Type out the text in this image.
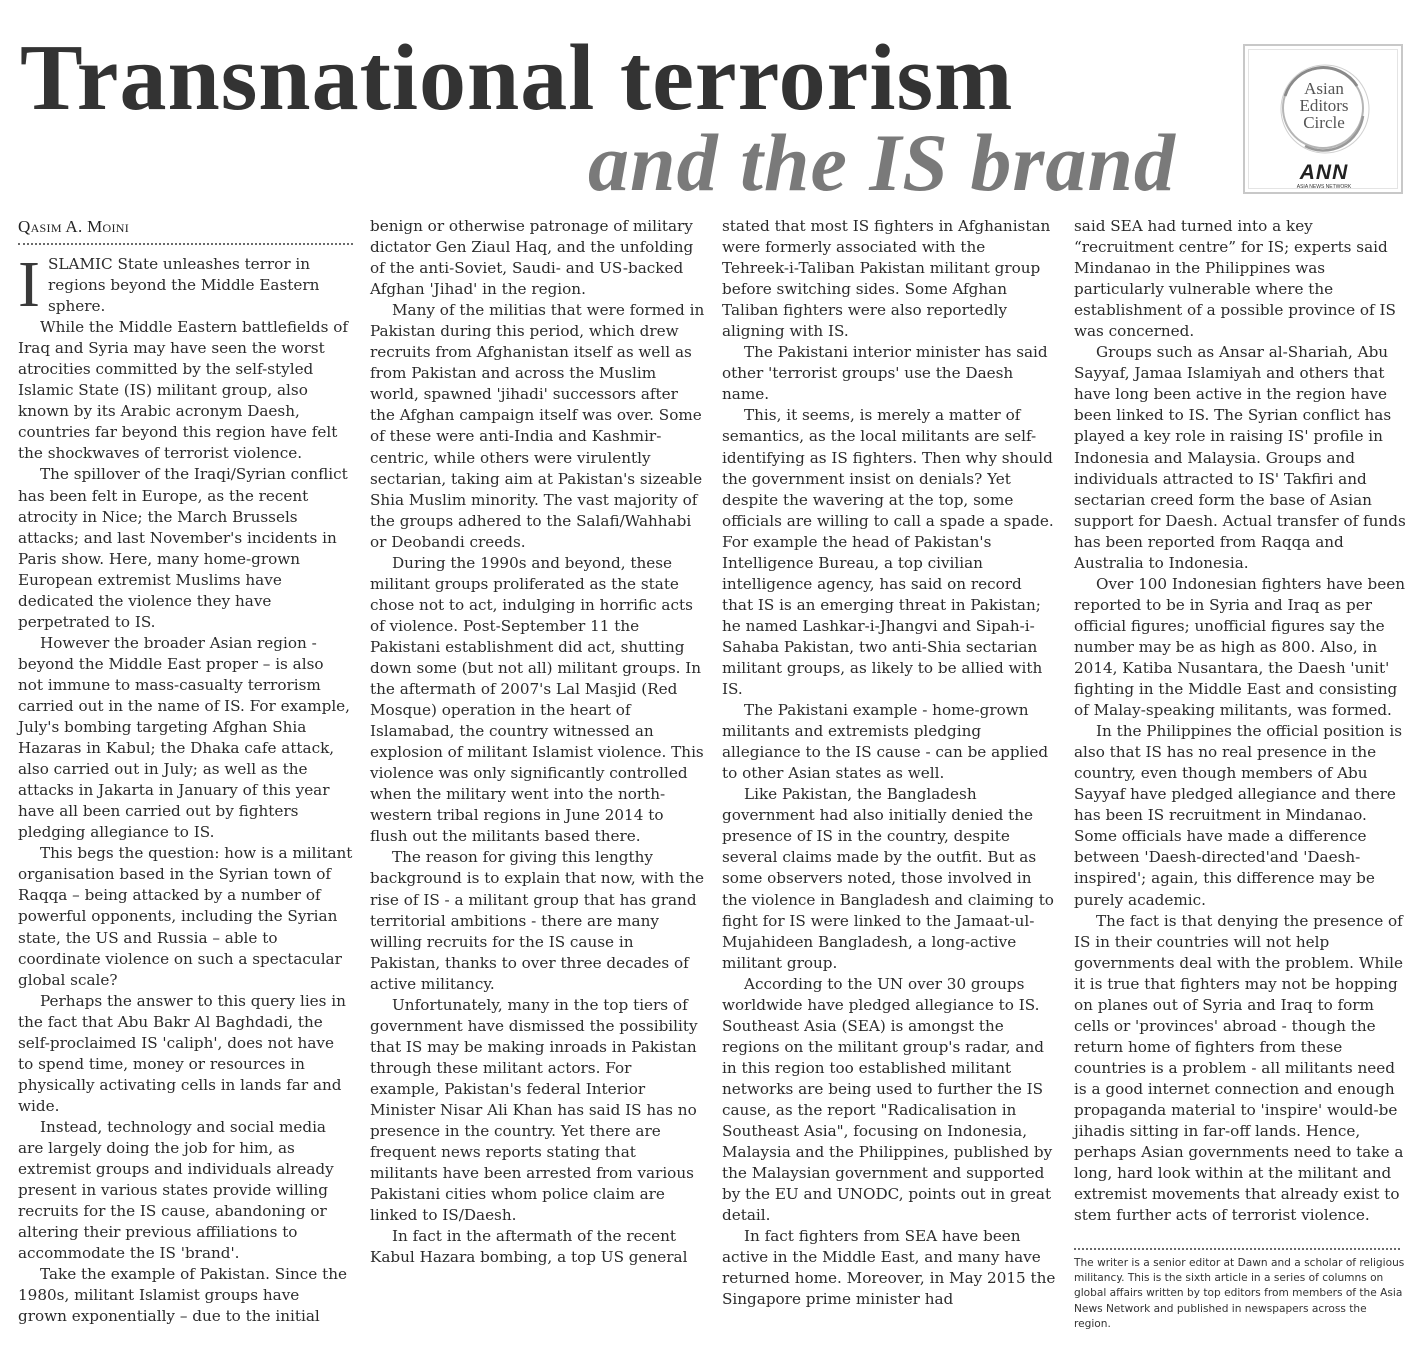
Transnational terrorism
and the IS brand
Asian
Editors
Circle
ANN
ASIA NEWS NETWORK
Qasim A. Moini

ISLAMIC State unleashes terror in regions beyond the Middle Eastern sphere.

While the Middle Eastern battlefields of Iraq and Syria may have seen the worst atrocities committed by the self-styled Islamic State (IS) militant group, also known by its Arabic acronym Daesh, countries far beyond this region have felt the shockwaves of terrorist violence.

The spillover of the Iraqi/Syrian conflict has been felt in Europe, as the recent atrocity in Nice; the March Brussels attacks; and last November's incidents in Paris show. Here, many home-grown European extremist Muslims have dedicated the violence they have perpetrated to IS.

However the broader Asian region - beyond the Middle East proper – is also not immune to mass-casualty terrorism carried out in the name of IS. For example, July's bombing targeting Afghan Shia Hazaras in Kabul; the Dhaka cafe attack, also carried out in July; as well as the attacks in Jakarta in January of this year have all been carried out by fighters pledging allegiance to IS.

This begs the question: how is a militant organisation based in the Syrian town of Raqqa – being attacked by a number of powerful opponents, including the Syrian state, the US and Russia – able to coordinate violence on such a spectacular global scale?

Perhaps the answer to this query lies in the fact that Abu Bakr Al Baghdadi, the self-proclaimed IS 'caliph', does not have to spend time, money or resources in physically activating cells in lands far and wide.

Instead, technology and social media are largely doing the job for him, as extremist groups and individuals already present in various states provide willing recruits for the IS cause, abandoning or altering their previous affiliations to accommodate the IS 'brand'.

Take the example of Pakistan. Since the 1980s, militant Islamist groups have grown exponentially – due to the initial

benign or otherwise patronage of military dictator Gen Ziaul Haq, and the unfolding of the anti-Soviet, Saudi- and US-backed Afghan 'Jihad' in the region.

Many of the militias that were formed in Pakistan during this period, which drew recruits from Afghanistan itself as well as from Pakistan and across the Muslim world, spawned 'jihadi' successors after the Afghan campaign itself was over. Some of these were anti-India and Kashmir-centric, while others were virulently sectarian, taking aim at Pakistan's sizeable Shia Muslim minority. The vast majority of the groups adhered to the Salafi/Wahhabi or Deobandi creeds.

During the 1990s and beyond, these militant groups proliferated as the state chose not to act, indulging in horrific acts of violence. Post-September 11 the Pakistani establishment did act, shutting down some (but not all) militant groups. In the aftermath of 2007's Lal Masjid (Red Mosque) operation in the heart of Islamabad, the country witnessed an explosion of militant Islamist violence. This violence was only significantly controlled when the military went into the north-western tribal regions in June 2014 to flush out the militants based there.

The reason for giving this lengthy background is to explain that now, with the rise of IS - a militant group that has grand territorial ambitions - there are many willing recruits for the IS cause in Pakistan, thanks to over three decades of active militancy.

Unfortunately, many in the top tiers of government have dismissed the possibility that IS may be making inroads in Pakistan through these militant actors. For example, Pakistan's federal Interior Minister Nisar Ali Khan has said IS has no presence in the country. Yet there are frequent news reports stating that militants have been arrested from various Pakistani cities whom police claim are linked to IS/Daesh.

In fact in the aftermath of the recent Kabul Hazara bombing, a top US general

stated that most IS fighters in Afghanistan were formerly associated with the Tehreek-i-Taliban Pakistan militant group before switching sides. Some Afghan Taliban fighters were also reportedly aligning with IS.

The Pakistani interior minister has said other 'terrorist groups' use the Daesh name.

This, it seems, is merely a matter of semantics, as the local militants are self-identifying as IS fighters. Then why should the government insist on denials? Yet despite the wavering at the top, some officials are willing to call a spade a spade. For example the head of Pakistan's Intelligence Bureau, a top civilian intelligence agency, has said on record that IS is an emerging threat in Pakistan; he named Lashkar-i-Jhangvi and Sipah-i-Sahaba Pakistan, two anti-Shia sectarian militant groups, as likely to be allied with IS.

The Pakistani example - home-grown militants and extremists pledging allegiance to the IS cause - can be applied to other Asian states as well.

Like Pakistan, the Bangladesh government had also initially denied the presence of IS in the country, despite several claims made by the outfit. But as some observers noted, those involved in the violence in Bangladesh and claiming to fight for IS were linked to the Jamaat-ul-Mujahideen Bangladesh, a long-active militant group.

According to the UN over 30 groups worldwide have pledged allegiance to IS. Southeast Asia (SEA) is amongst the regions on the militant group's radar, and in this region too established militant networks are being used to further the IS cause, as the report "Radicalisation in Southeast Asia", focusing on Indonesia, Malaysia and the Philippines, published by the Malaysian government and supported by the EU and UNODC, points out in great detail.

In fact fighters from SEA have been active in the Middle East, and many have returned home. Moreover, in May 2015 the Singapore prime minister had

said SEA had turned into a key “recruitment centre” for IS; experts said Mindanao in the Philippines was particularly vulnerable where the establishment of a possible province of IS was concerned.

Groups such as Ansar al-Shariah, Abu Sayyaf, Jamaa Islamiyah and others that have long been active in the region have been linked to IS. The Syrian conflict has played a key role in raising IS' profile in Indonesia and Malaysia. Groups and individuals attracted to IS' Takfiri and sectarian creed form the base of Asian support for Daesh. Actual transfer of funds has been reported from Raqqa and Australia to Indonesia.

Over 100 Indonesian fighters have been reported to be in Syria and Iraq as per official figures; unofficial figures say the number may be as high as 800. Also, in 2014, Katiba Nusantara, the Daesh 'unit' fighting in the Middle East and consisting of Malay-speaking militants, was formed.

In the Philippines the official position is also that IS has no real presence in the country, even though members of Abu Sayyaf have pledged allegiance and there has been IS recruitment in Mindanao. Some officials have made a difference between 'Daesh-directed'and 'Daesh-inspired'; again, this difference may be purely academic.

The fact is that denying the presence of IS in their countries will not help governments deal with the problem. While it is true that fighters may not be hopping on planes out of Syria and Iraq to form cells or 'provinces' abroad - though the return home of fighters from these countries is a problem - all militants need is a good internet connection and enough propaganda material to 'inspire' would-be jihadis sitting in far-off lands. Hence, perhaps Asian governments need to take a long, hard look within at the militant and extremist movements that already exist to stem further acts of terrorist violence.

The writer is a senior editor at Dawn and a scholar of religious militancy. This is the sixth article in a series of columns on global affairs written by top editors from members of the Asia News Network and published in newspapers across the region.
